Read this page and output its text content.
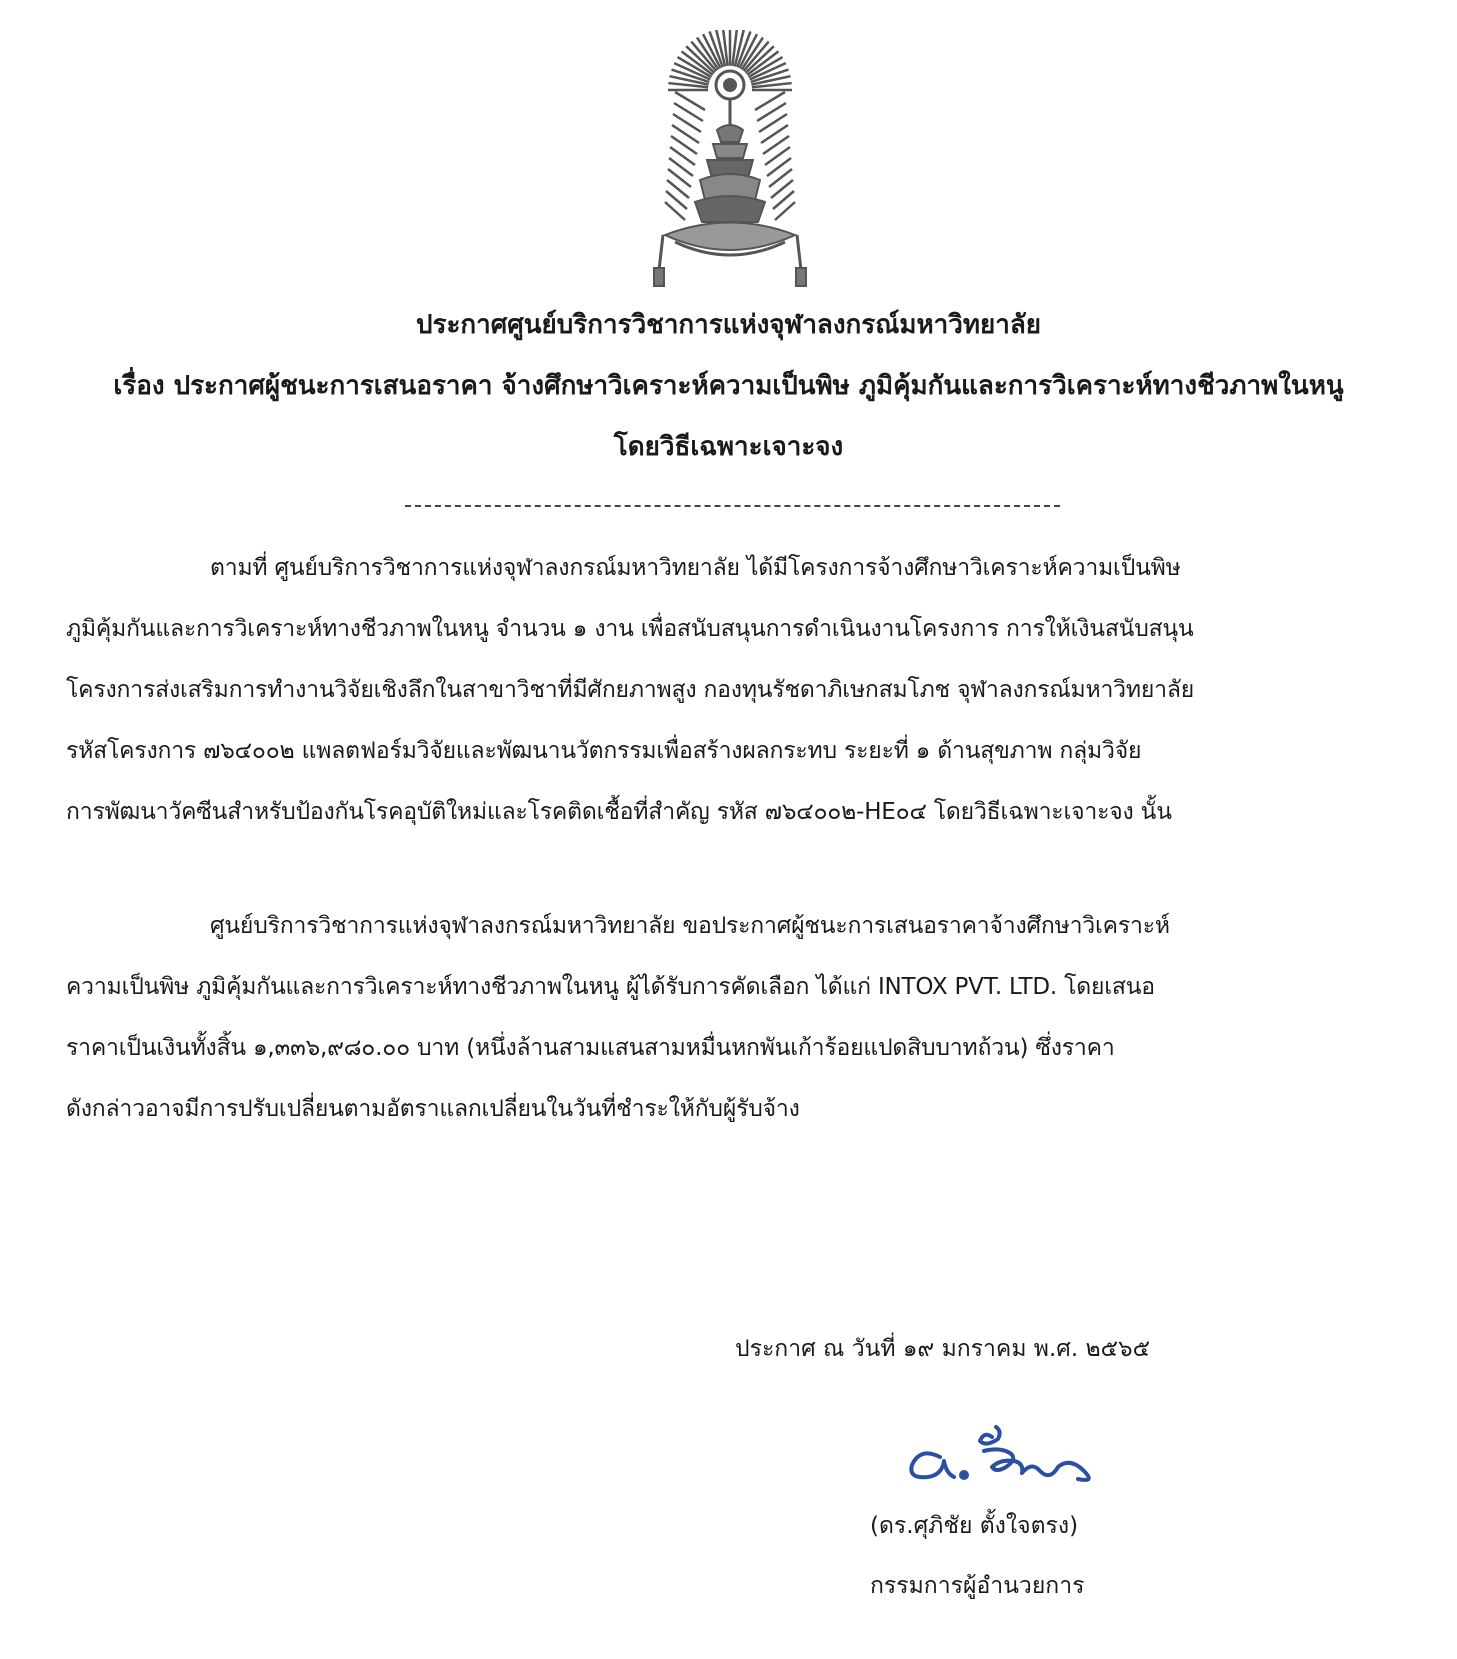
ประกาศศูนย์บริการวิชาการแห่งจุฬาลงกรณ์มหาวิทยาลัย
เรื่อง ประกาศผู้ชนะการเสนอราคา จ้างศึกษาวิเคราะห์ความเป็นพิษ ภูมิคุ้มกันและการวิเคราะห์ทางชีวภาพในหนู
โดยวิธีเฉพาะเจาะจง
ตามที่ ศูนย์บริการวิชาการแห่งจุฬาลงกรณ์มหาวิทยาลัย ได้มีโครงการจ้างศึกษาวิเคราะห์ความเป็นพิษ
ภูมิคุ้มกันและการวิเคราะห์ทางชีวภาพในหนู จำนวน ๑ งาน เพื่อสนับสนุนการดำเนินงานโครงการ การให้เงินสนับสนุน
โครงการส่งเสริมการทำงานวิจัยเชิงลึกในสาขาวิชาที่มีศักยภาพสูง กองทุนรัชดาภิเษกสมโภช จุฬาลงกรณ์มหาวิทยาลัย
รหัสโครงการ ๗๖๔๐๐๒ แพลตฟอร์มวิจัยและพัฒนานวัตกรรมเพื่อสร้างผลกระทบ ระยะที่ ๑ ด้านสุขภาพ กลุ่มวิจัย
การพัฒนาวัคซีนสำหรับป้องกันโรคอุบัติใหม่และโรคติดเชื้อที่สำคัญ รหัส ๗๖๔๐๐๒-HE๐๔ โดยวิธีเฉพาะเจาะจง นั้น
ศูนย์บริการวิชาการแห่งจุฬาลงกรณ์มหาวิทยาลัย ขอประกาศผู้ชนะการเสนอราคาจ้างศึกษาวิเคราะห์
ความเป็นพิษ ภูมิคุ้มกันและการวิเคราะห์ทางชีวภาพในหนู ผู้ได้รับการคัดเลือก ได้แก่ INTOX PVT. LTD. โดยเสนอ
ราคาเป็นเงินทั้งสิ้น ๑,๓๓๖,๙๘๐.๐๐ บาท (หนึ่งล้านสามแสนสามหมื่นหกพันเก้าร้อยแปดสิบบาทถ้วน) ซึ่งราคา
ดังกล่าวอาจมีการปรับเปลี่ยนตามอัตราแลกเปลี่ยนในวันที่ชำระให้กับผู้รับจ้าง
ประกาศ ณ วันที่ ๑๙ มกราคม พ.ศ. ๒๕๖๕
(ดร.ศุภิชัย ตั้งใจตรง)
กรรมการผู้อำนวยการ
